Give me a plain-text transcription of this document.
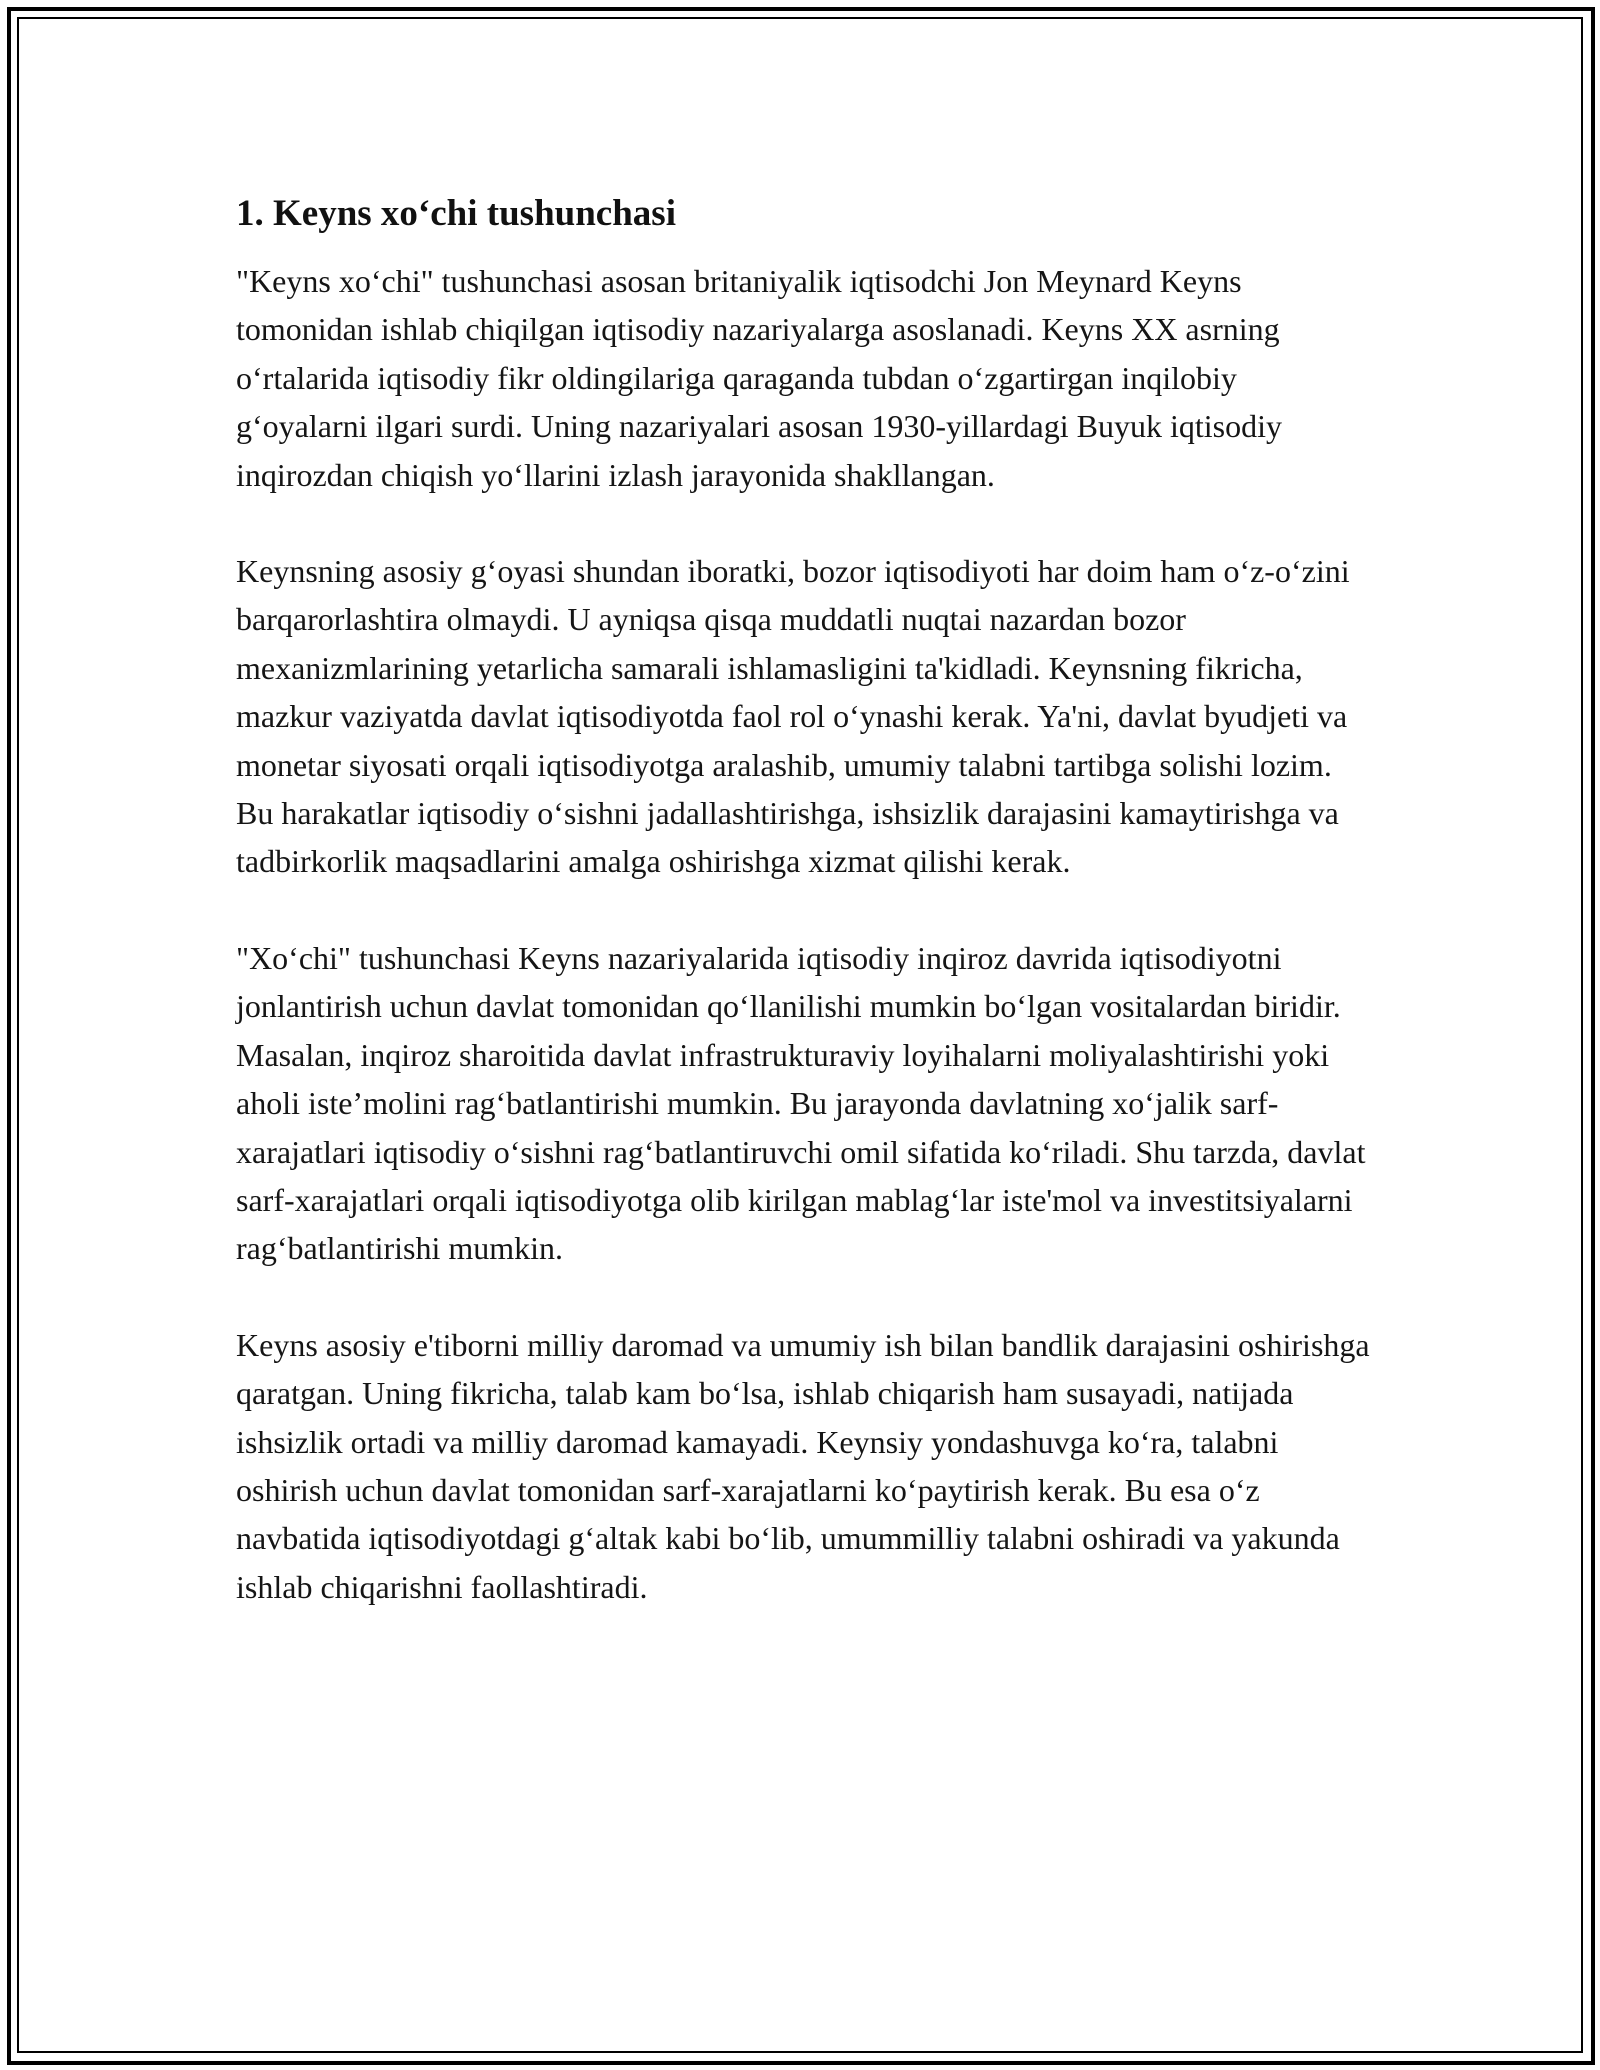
1. Keyns xo‘chi tushunchasi

"Keyns xo‘chi" tushunchasi asosan britaniyalik iqtisodchi Jon Meynard Keyns tomonidan ishlab chiqilgan iqtisodiy nazariyalarga asoslanadi. Keyns XX asrning o‘rtalarida iqtisodiy fikr oldingilariga qaraganda tubdan o‘zgartirgan inqilobiy g‘oyalarni ilgari surdi. Uning nazariyalari asosan 1930-yillardagi Buyuk iqtisodiy inqirozdan chiqish yo‘llarini izlash jarayonida shakllangan.

Keynsning asosiy g‘oyasi shundan iboratki, bozor iqtisodiyoti har doim ham o‘z-o‘zini barqarorlashtira olmaydi. U ayniqsa qisqa muddatli nuqtai nazardan bozor mexanizmlarining yetarlicha samarali ishlamasligini ta'kidladi. Keynsning fikricha, mazkur vaziyatda davlat iqtisodiyotda faol rol o‘ynashi kerak. Ya'ni, davlat byudjeti va monetar siyosati orqali iqtisodiyotga aralashib, umumiy talabni tartibga solishi lozim. Bu harakatlar iqtisodiy o‘sishni jadallashtirishga, ishsizlik darajasini kamaytirishga va tadbirkorlik maqsadlarini amalga oshirishga xizmat qilishi kerak.

"Xo‘chi" tushunchasi Keyns nazariyalarida iqtisodiy inqiroz davrida iqtisodiyotni jonlantirish uchun davlat tomonidan qo‘llanilishi mumkin bo‘lgan vositalardan biridir. Masalan, inqiroz sharoitida davlat infrastrukturaviy loyihalarni moliyalashtirishi yoki aholi iste’molini rag‘batlantirishi mumkin. Bu jarayonda davlatning xo‘jalik sarf-xarajatlari iqtisodiy o‘sishni rag‘batlantiruvchi omil sifatida ko‘riladi. Shu tarzda, davlat sarf-xarajatlari orqali iqtisodiyotga olib kirilgan mablag‘lar iste'mol va investitsiyalarni rag‘batlantirishi mumkin.

Keyns asosiy e'tiborni milliy daromad va umumiy ish bilan bandlik darajasini oshirishga qaratgan. Uning fikricha, talab kam bo‘lsa, ishlab chiqarish ham susayadi, natijada ishsizlik ortadi va milliy daromad kamayadi. Keynsiy yondashuvga ko‘ra, talabni oshirish uchun davlat tomonidan sarf-xarajatlarni ko‘paytirish kerak. Bu esa o‘z navbatida iqtisodiyotdagi g‘altak kabi bo‘lib, umummilliy talabni oshiradi va yakunda ishlab chiqarishni faollashtiradi.
